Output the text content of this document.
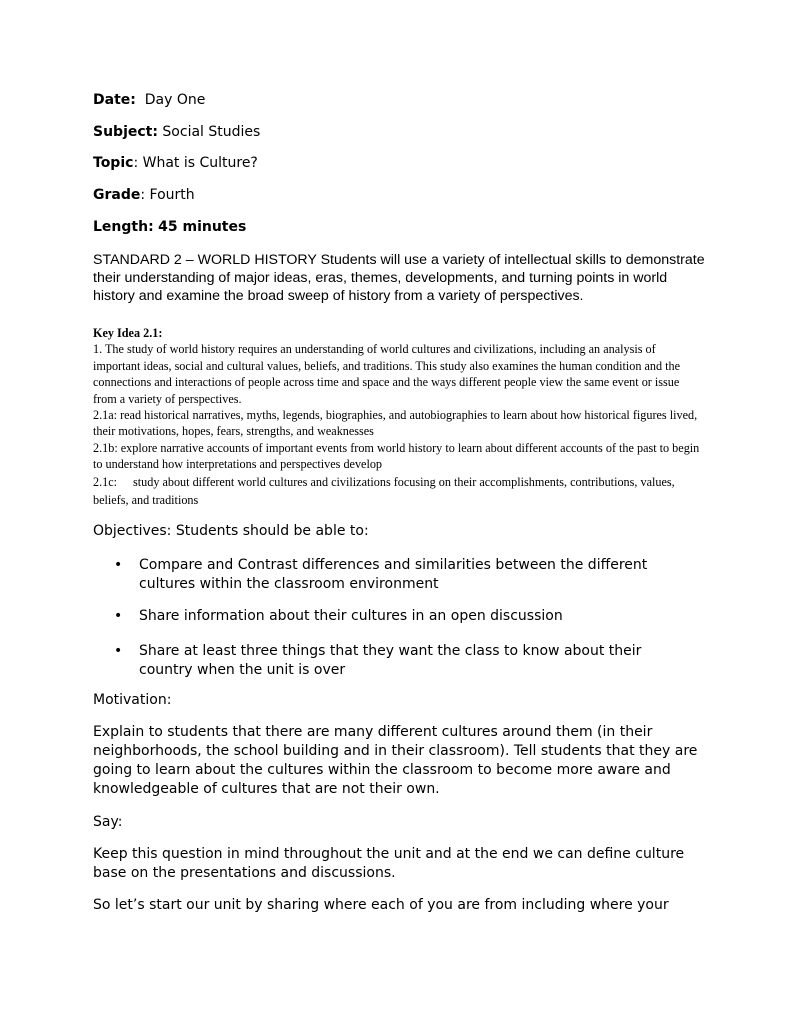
Date: Day One
Subject: Social Studies
Topic: What is Culture?
Grade: Fourth
Length: 45 minutes
STANDARD 2 – WORLD HISTORY Students will use a variety of intellectual skills to demonstrate their understanding of major ideas, eras, themes, developments, and turning points in world history and examine the broad sweep of history from a variety of perspectives.
Key Idea 2.1:
1. The study of world history requires an understanding of world cultures and civilizations, including an analysis of important ideas, social and cultural values, beliefs, and traditions. This study also examines the human condition and the connections and interactions of people across time and space and the ways different people view the same event or issue from a variety of perspectives.
2.1a: read historical narratives, myths, legends, biographies, and autobiographies to learn about how historical figures lived, their motivations, hopes, fears, strengths, and weaknesses
2.1b: explore narrative accounts of important events from world history to learn about different accounts of the past to begin to understand how interpretations and perspectives develop
2.1c: study about different world cultures and civilizations focusing on their accomplishments, contributions, values, beliefs, and traditions
Objectives: Students should be able to:
•	Compare and Contrast differences and similarities between the different cultures within the classroom environment
•	Share information about their cultures in an open discussion
•	Share at least three things that they want the class to know about their country when the unit is over
Motivation:
Explain to students that there are many different cultures around them (in their neighborhoods, the school building and in their classroom). Tell students that they are going to learn about the cultures within the classroom to become more aware and knowledgeable of cultures that are not their own.
Say:
Keep this question in mind throughout the unit and at the end we can define culture base on the presentations and discussions.
So let’s start our unit by sharing where each of you are from including where your
